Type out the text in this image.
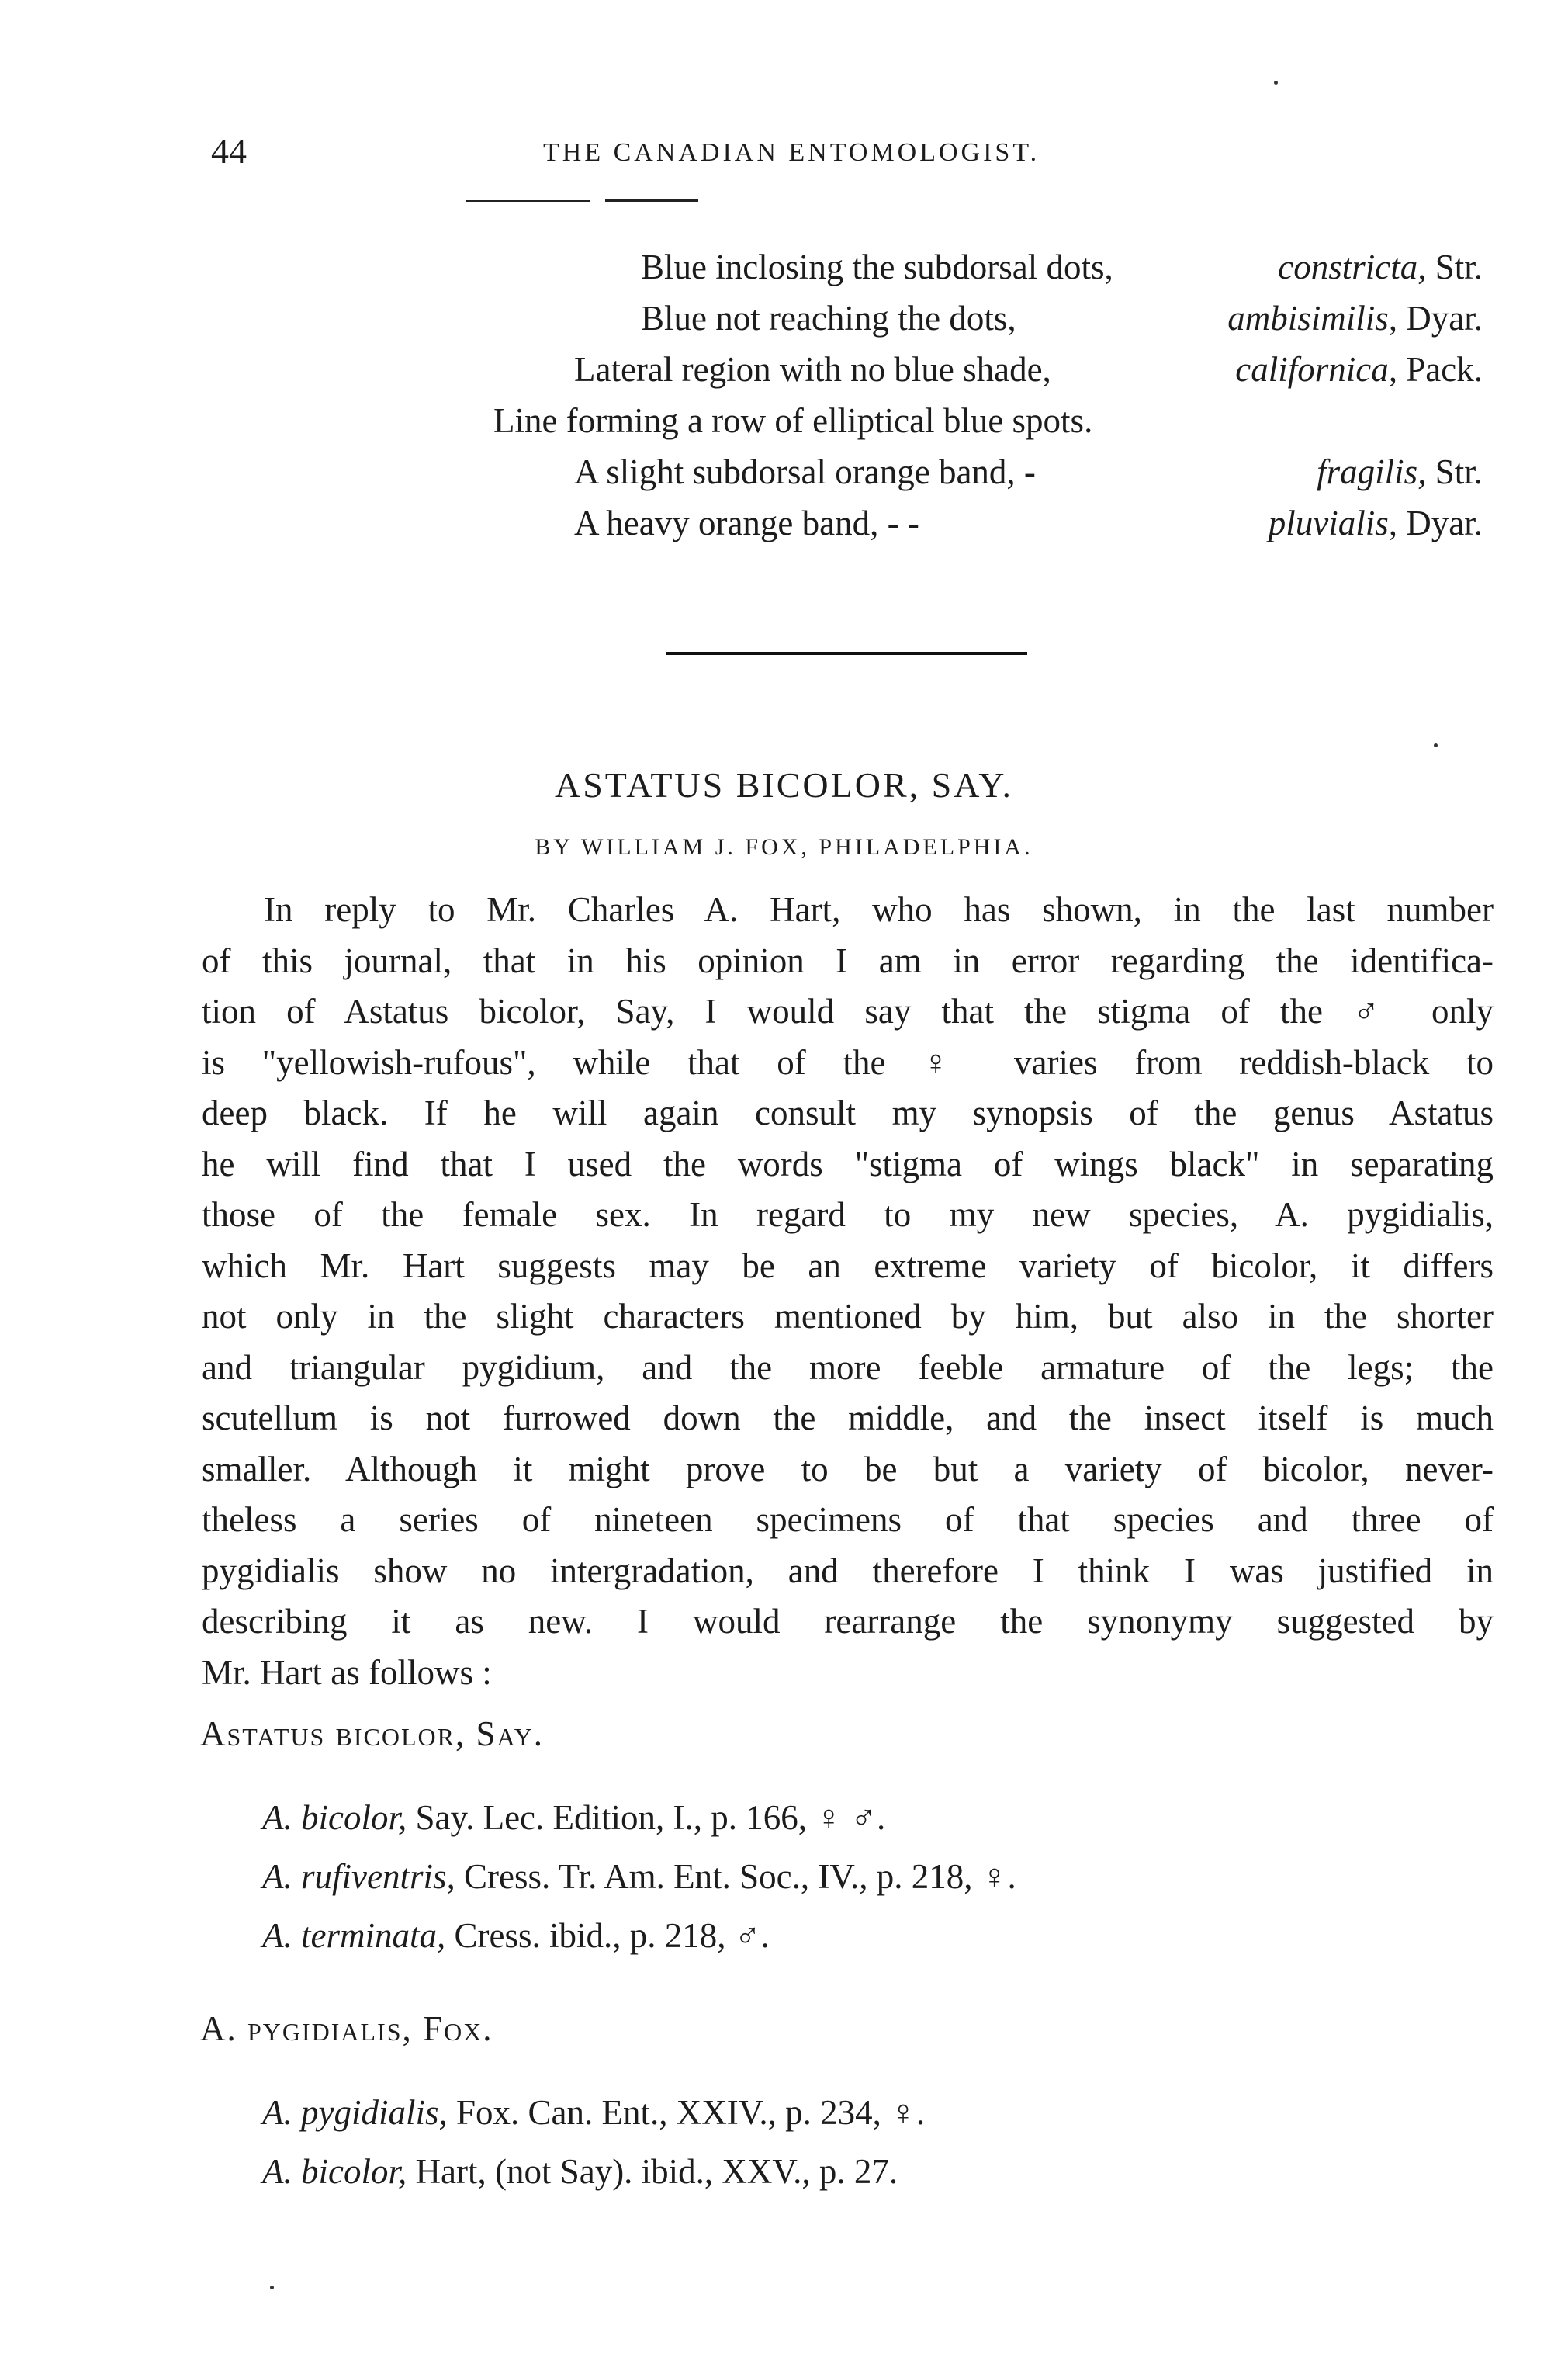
44	THE CANADIAN ENTOMOLOGIST.
Blue inclosing the subdorsal dots,	constricta, Str.
Blue not reaching the dots,	ambisimilis, Dyar.
Lateral region with no blue shade,	californica, Pack.
Line forming a row of elliptical blue spots.
A slight subdorsal orange band, -	fragilis, Str.
A heavy orange band, - -	pluvialis, Dyar.
ASTATUS BICOLOR, SAY.
BY WILLIAM J. FOX, PHILADELPHIA.
In reply to Mr. Charles A. Hart, who has shown, in the last number
of this journal, that in his opinion I am in error regarding the identifica-
tion of Astatus bicolor, Say, I would say that the stigma of the ♂ only
is "yellowish-rufous", while that of the ♀ varies from reddish-black to
deep black. If he will again consult my synopsis of the genus Astatus
he will find that I used the words "stigma of wings black" in separating
those of the female sex. In regard to my new species, A. pygidialis,
which Mr. Hart suggests may be an extreme variety of bicolor, it differs
not only in the slight characters mentioned by him, but also in the shorter
and triangular pygidium, and the more feeble armature of the legs; the
scutellum is not furrowed down the middle, and the insect itself is much
smaller. Although it might prove to be but a variety of bicolor, never-
theless a series of nineteen specimens of that species and three of
pygidialis show no intergradation, and therefore I think I was justified in
describing it as new. I would rearrange the synonymy suggested by
Mr. Hart as follows :
Astatus bicolor, Say.
A. bicolor, Say. Lec. Edition, I., p. 166, ♀ ♂.
A. rufiventris, Cress. Tr. Am. Ent. Soc., IV., p. 218, ♀.
A. terminata, Cress. ibid., p. 218, ♂.
A. pygidialis, Fox.
A. pygidialis, Fox. Can. Ent., XXIV., p. 234, ♀.
A. bicolor, Hart, (not Say). ibid., XXV., p. 27.
